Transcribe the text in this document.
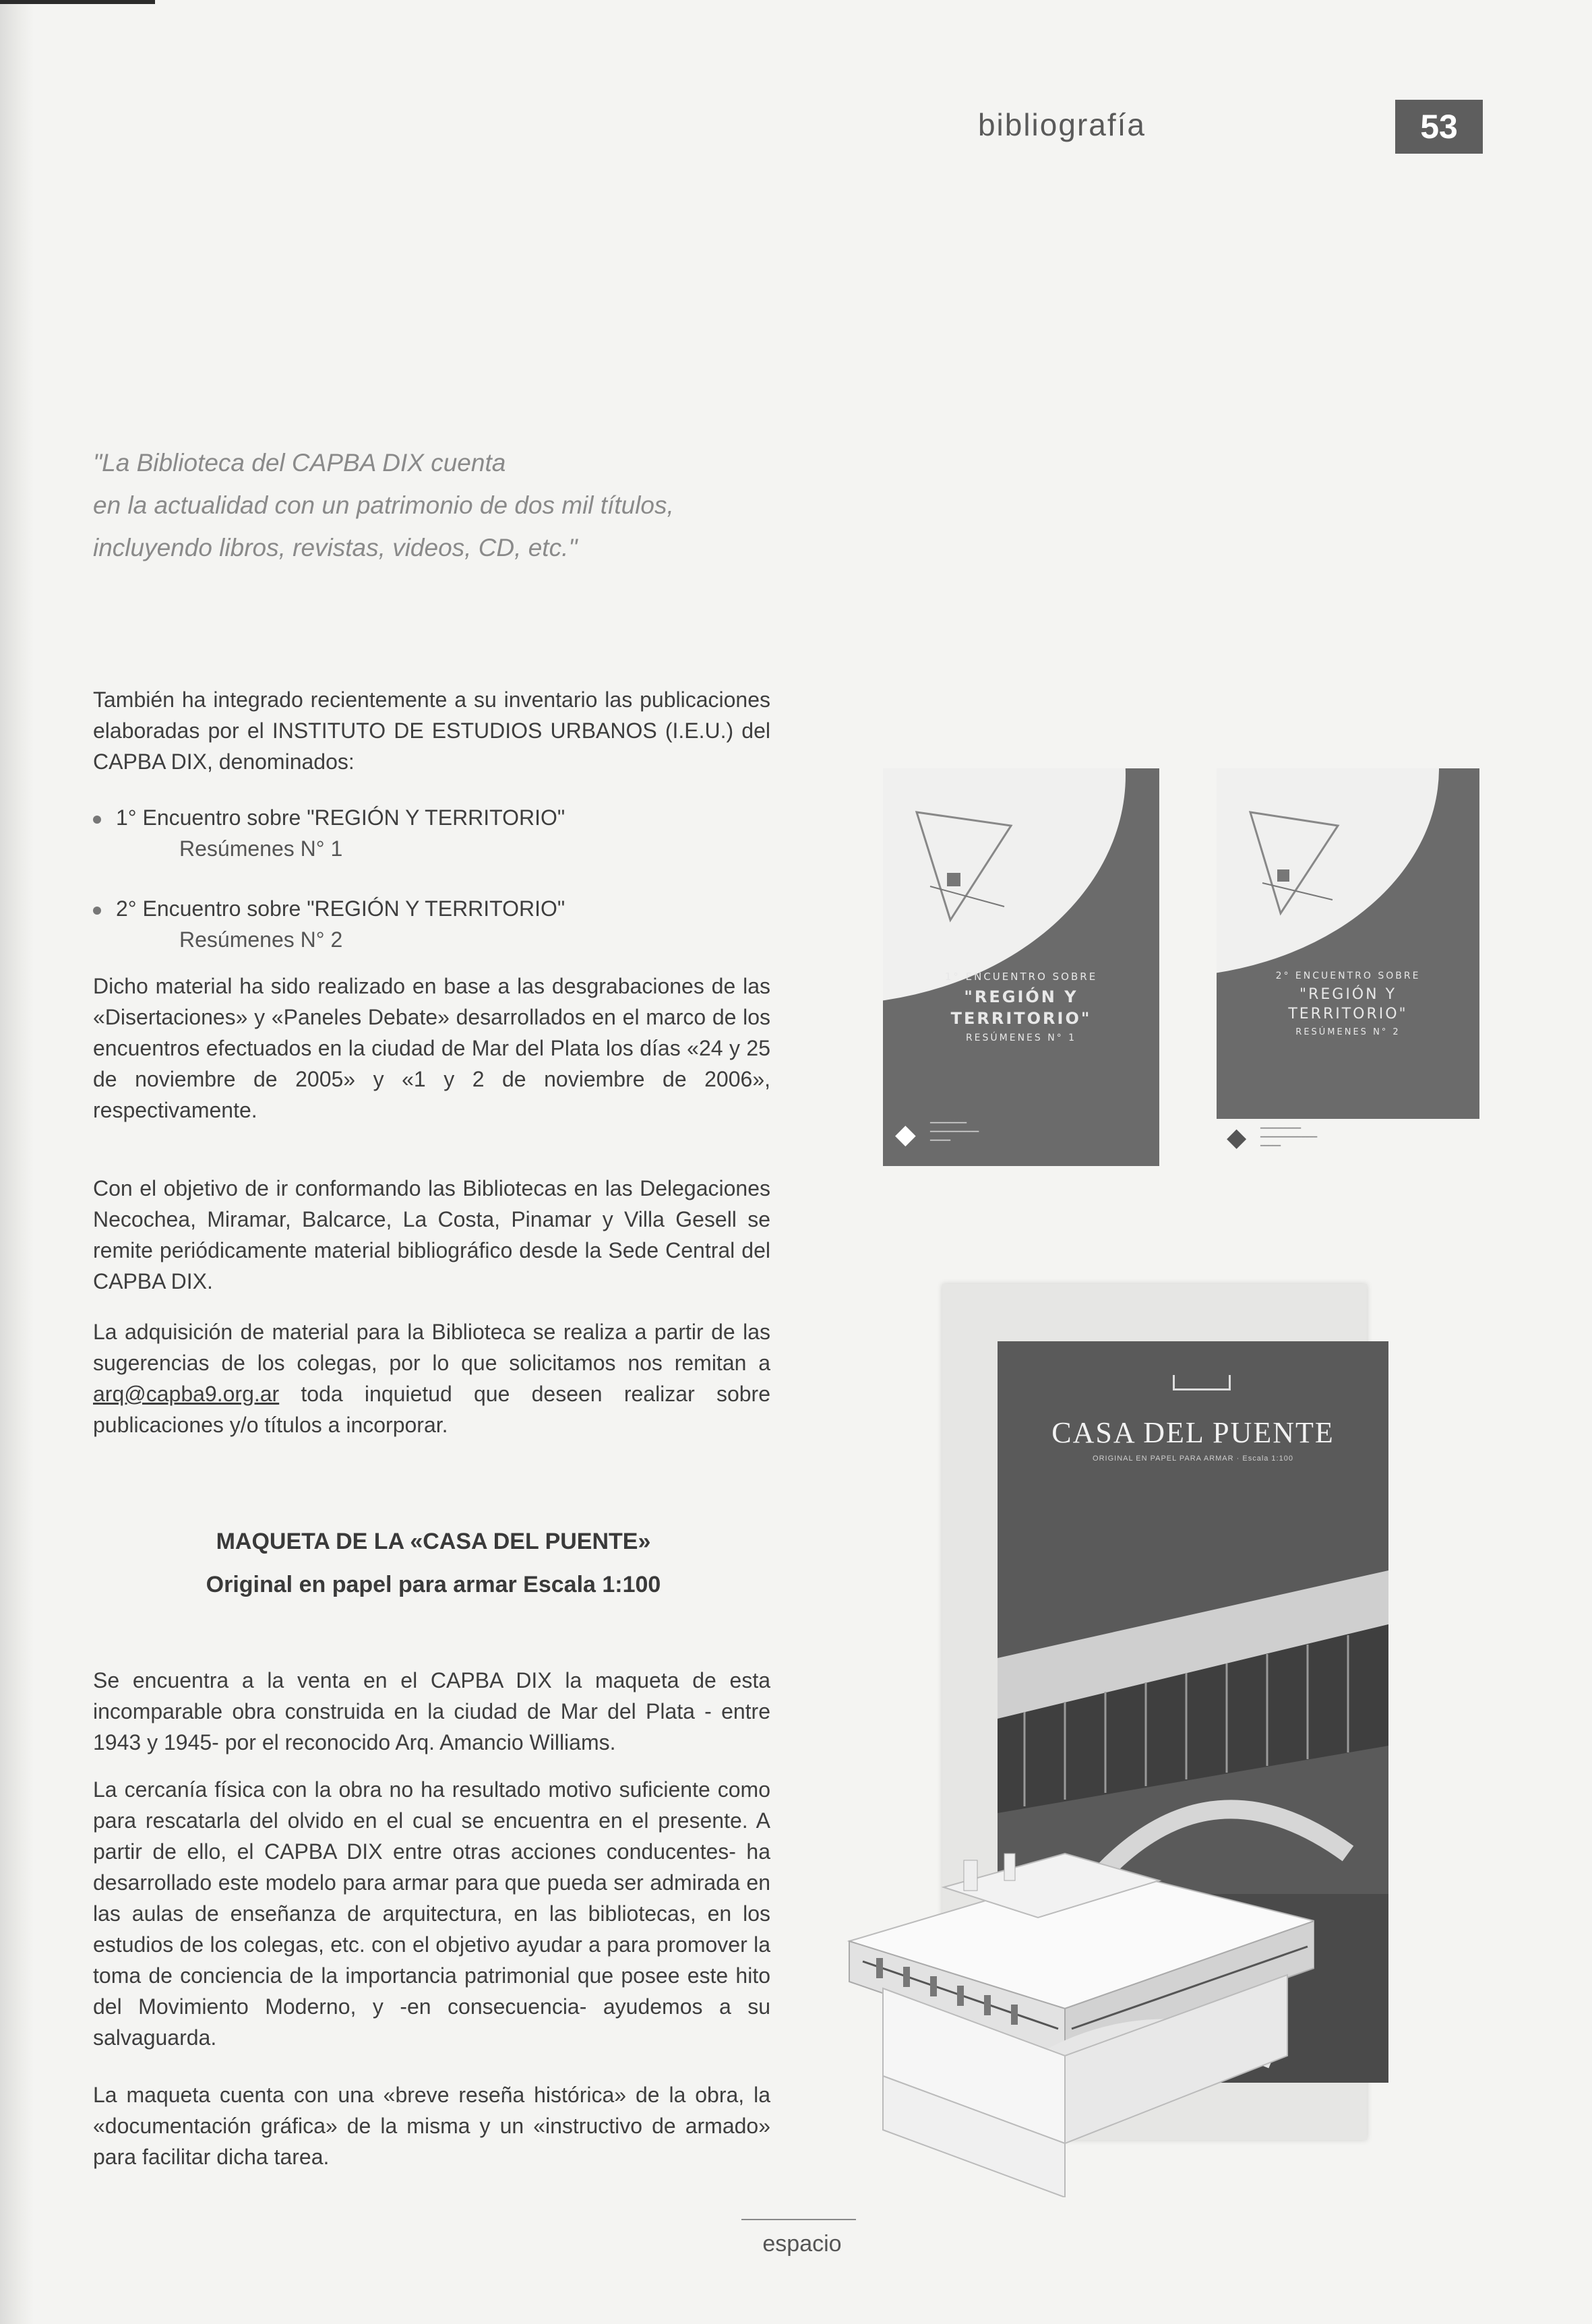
bibliografía	53
"La Biblioteca del CAPBA DIX cuenta
en la actualidad con un patrimonio de dos mil títulos,
incluyendo libros, revistas, videos, CD, etc."
También ha integrado recientemente a su inventario las publicaciones elaboradas por el INSTITUTO DE ESTUDIOS URBANOS (I.E.U.) del CAPBA DIX, denominados:
1° Encuentro sobre "REGIÓN Y TERRITORIO"
Resúmenes N° 1
2° Encuentro sobre "REGIÓN Y TERRITORIO"
Resúmenes N° 2
Dicho material ha sido realizado en base a las desgrabaciones de las «Disertaciones» y «Paneles Debate» desarrollados en el marco de los encuentros efectuados en la ciudad de Mar del Plata los días «24 y 25 de noviembre de 2005» y «1 y 2 de noviembre de 2006», respectivamente.
Con el objetivo de ir conformando las Bibliotecas en las Delegaciones Necochea, Miramar, Balcarce, La Costa, Pinamar y Villa Gesell se remite periódicamente material bibliográfico desde la Sede Central del CAPBA DIX.
La adquisición de material para la Biblioteca se realiza a partir de las sugerencias de los colegas, por lo que solicitamos nos remitan a arq@capba9.org.ar toda inquietud que deseen realizar sobre publicaciones y/o títulos a incorporar.
MAQUETA DE LA «CASA DEL PUENTE»
Original en papel para armar Escala 1:100
Se encuentra a la venta en el CAPBA DIX la maqueta de esta incomparable obra construida en la ciudad de Mar del Plata - entre 1943 y 1945- por el reconocido Arq. Amancio Williams.
La cercanía física con la obra no ha resultado motivo suficiente como para rescatarla del olvido en el cual se encuentra en el presente. A partir de ello, el CAPBA DIX entre otras acciones conducentes- ha desarrollado este modelo para armar para que pueda ser admirada en las aulas de enseñanza de arquitectura, en las bibliotecas, en los estudios de los colegas, etc. con el objetivo ayudar a para promover la toma de conciencia de la importancia patrimonial que posee este hito del Movimiento Moderno, y -en consecuencia- ayudemos a su salvaguarda.
La maqueta cuenta con una «breve reseña histórica» de la obra, la «documentación gráfica» de la misma y un «instructivo de armado» para facilitar dicha tarea.
1° ENCUENTRO SOBRE
"REGIÓN Y
TERRITORIO"
RESÚMENES N° 1
◆ ━━━━━━━━━
━━━━━━━━━━━━
━━━━━
2° ENCUENTRO SOBRE
"REGIÓN Y
TERRITORIO"
RESÚMENES N° 2
◆ ━━━━━━━━━━
━━━━━━━━━━━━━━
━━━━━
CASA DEL PUENTE
ORIGINAL EN PAPEL PARA ARMAR · Escala 1:100
espacio
